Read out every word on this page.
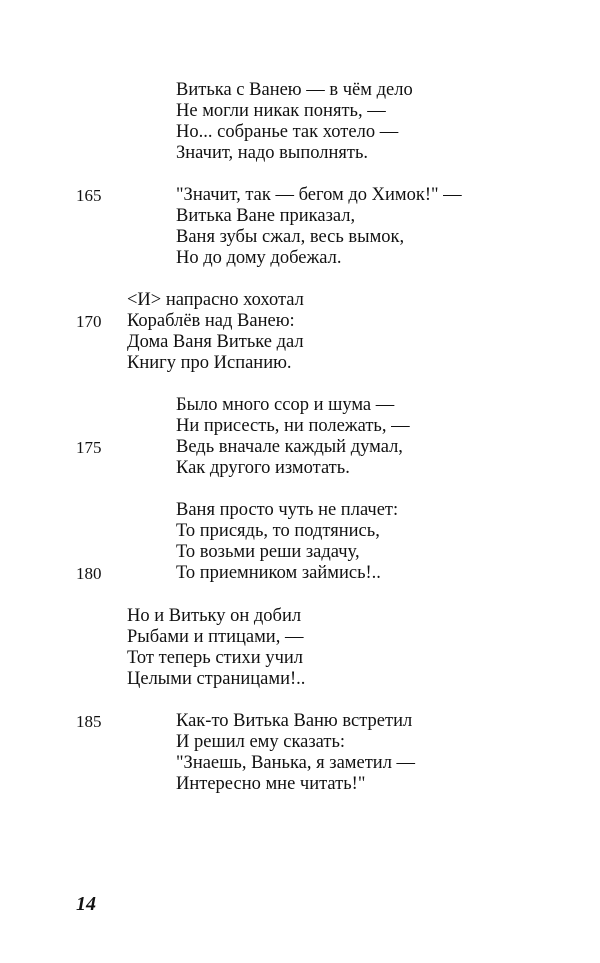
Витька с Ванею — в чём дело
Не могли никак понять, —
Но... собранье так хотело —
Значит, надо выполнять.
165	"Значит, так — бегом до Химок!" —
Витька Ване приказал,
Ваня зубы сжал, весь вымок,
Но до дому добежал.
170
<И> напрасно хохотал
Кораблёв над Ванею:
Дома Ваня Витьке дал
Книгу про Испанию.
175
Было много ссор и шума —
Ни присесть, ни полежать, —
Ведь вначале каждый думал,
Как другого измотать.
180
Ваня просто чуть не плачет:
То присядь, то подтянись,
То возьми реши задачу,
То приемником займись!..
Но и Витьку он добил
Рыбами и птицами, —
Тот теперь стихи учил
Целыми страницами!..
185	Как-то Витька Ваню встретил
И решил ему сказать:
"Знаешь, Ванька, я заметил —
Интересно мне читать!"
14
